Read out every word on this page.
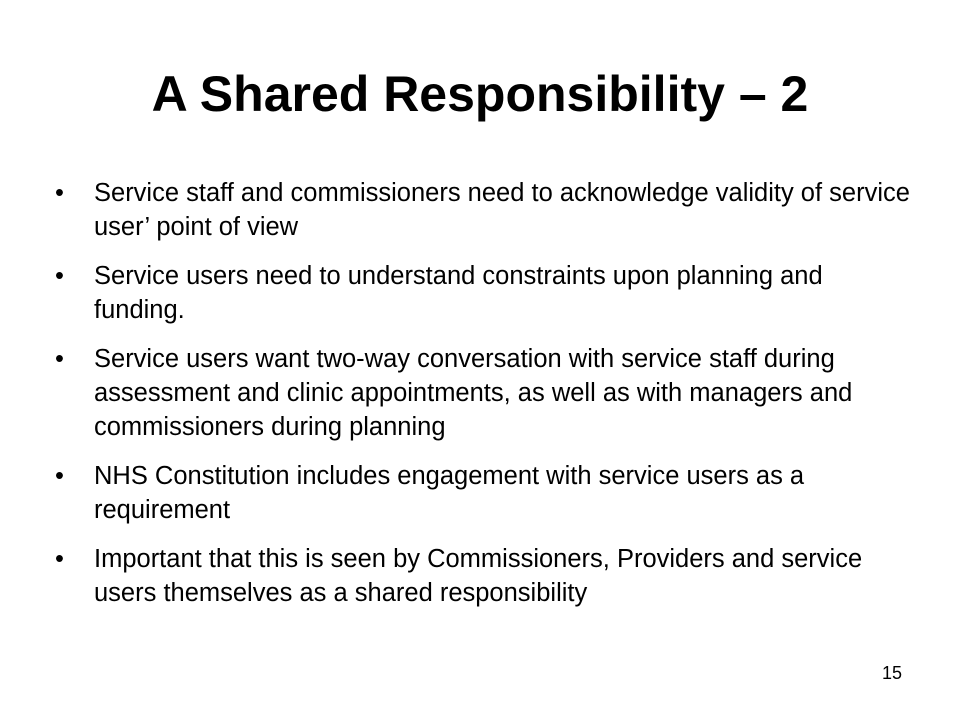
A Shared Responsibility – 2
•	Service staff and commissioners need to acknowledge validity of service user’ point of view
•	Service users need to understand constraints upon planning and funding.
•	Service users want two-way conversation with service staff during assessment and clinic appointments, as well as with managers and commissioners during planning
•	NHS Constitution includes engagement with service users as a requirement
•	Important that this is seen by Commissioners, Providers and service users themselves as a shared responsibility
15
